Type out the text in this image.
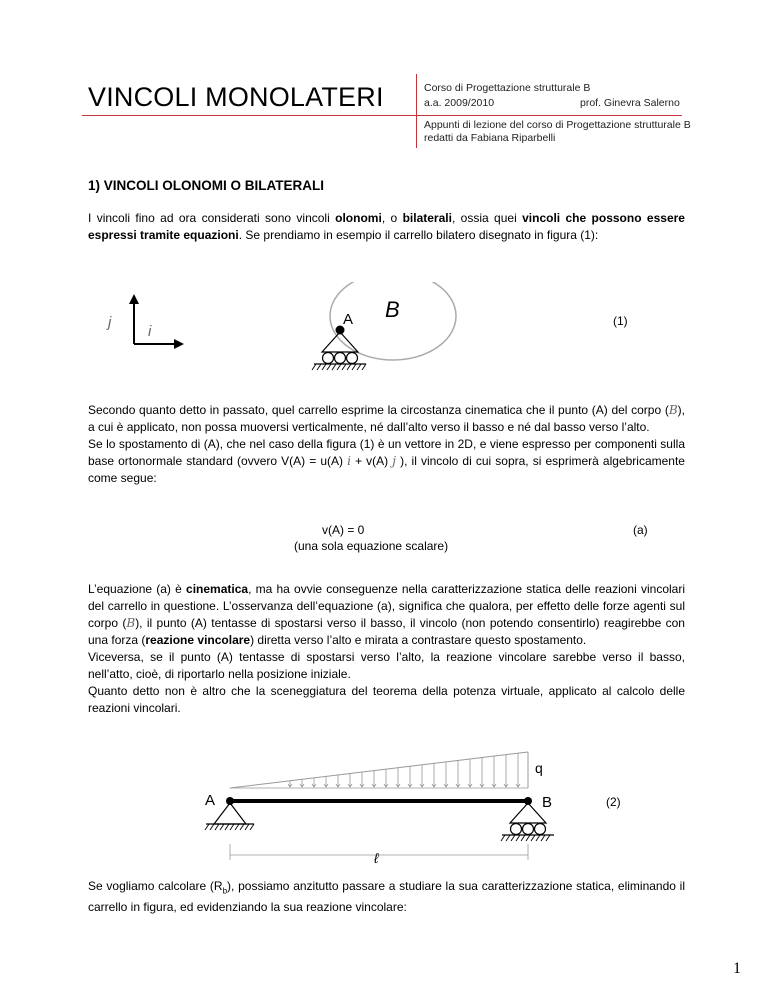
VINCOLI MONOLATERI	Corso di Progettazione strutturale B
a.a. 2009/2010	prof. Ginevra Salerno
Appunti di lezione del corso di Progettazione strutturale B
redatti da Fabiana Riparbelli
1) VINCOLI OLONOMI O BILATERALI
I vincoli fino ad ora considerati sono vincoli olonomi, o bilaterali, ossia quei vincoli che possono essere espressi tramite equazioni. Se prendiamo in esempio il carrello bilatero disegnato in figura (1):
j
i
B
A	(1)
Secondo quanto detto in passato, quel carrello esprime la circostanza cinematica che il punto (A) del corpo (B), a cui è applicato, non possa muoversi verticalmente, né dall’alto verso il basso e né dal basso verso l’alto.
Se lo spostamento di (A), che nel caso della figura (1) è un vettore in 2D, e viene espresso per componenti sulla base ortonormale standard (ovvero V(A) = u(A) i + v(A) j ), il vincolo di cui sopra, si esprimerà algebricamente come segue:
v(A) = 0
(una sola equazione scalare)
(a)
L’equazione (a) è cinematica, ma ha ovvie conseguenze nella caratterizzazione statica delle reazioni vincolari del carrello in questione. L’osservanza dell’equazione (a), significa che qualora, per effetto delle forze agenti sul corpo (B), il punto (A) tentasse di spostarsi verso il basso, il vincolo (non potendo consentirlo) reagirebbe con una forza (reazione vincolare) diretta verso l’alto e mirata a contrastare questo spostamento.
Viceversa, se il punto (A) tentasse di spostarsi verso l’alto, la reazione vincolare sarebbe verso il basso, nell’atto, cioè, di riportarlo nella posizione iniziale.
Quanto detto non è altro che la sceneggiatura del teorema della potenza virtuale, applicato al calcolo delle reazioni vincolari.
q
A	B
ℓ
(2)
Se vogliamo calcolare $(R_b)$, possiamo anzitutto passare a studiare la sua caratterizzazione statica, eliminando il carrello in figura, ed evidenziando la sua reazione vincolare:
1
